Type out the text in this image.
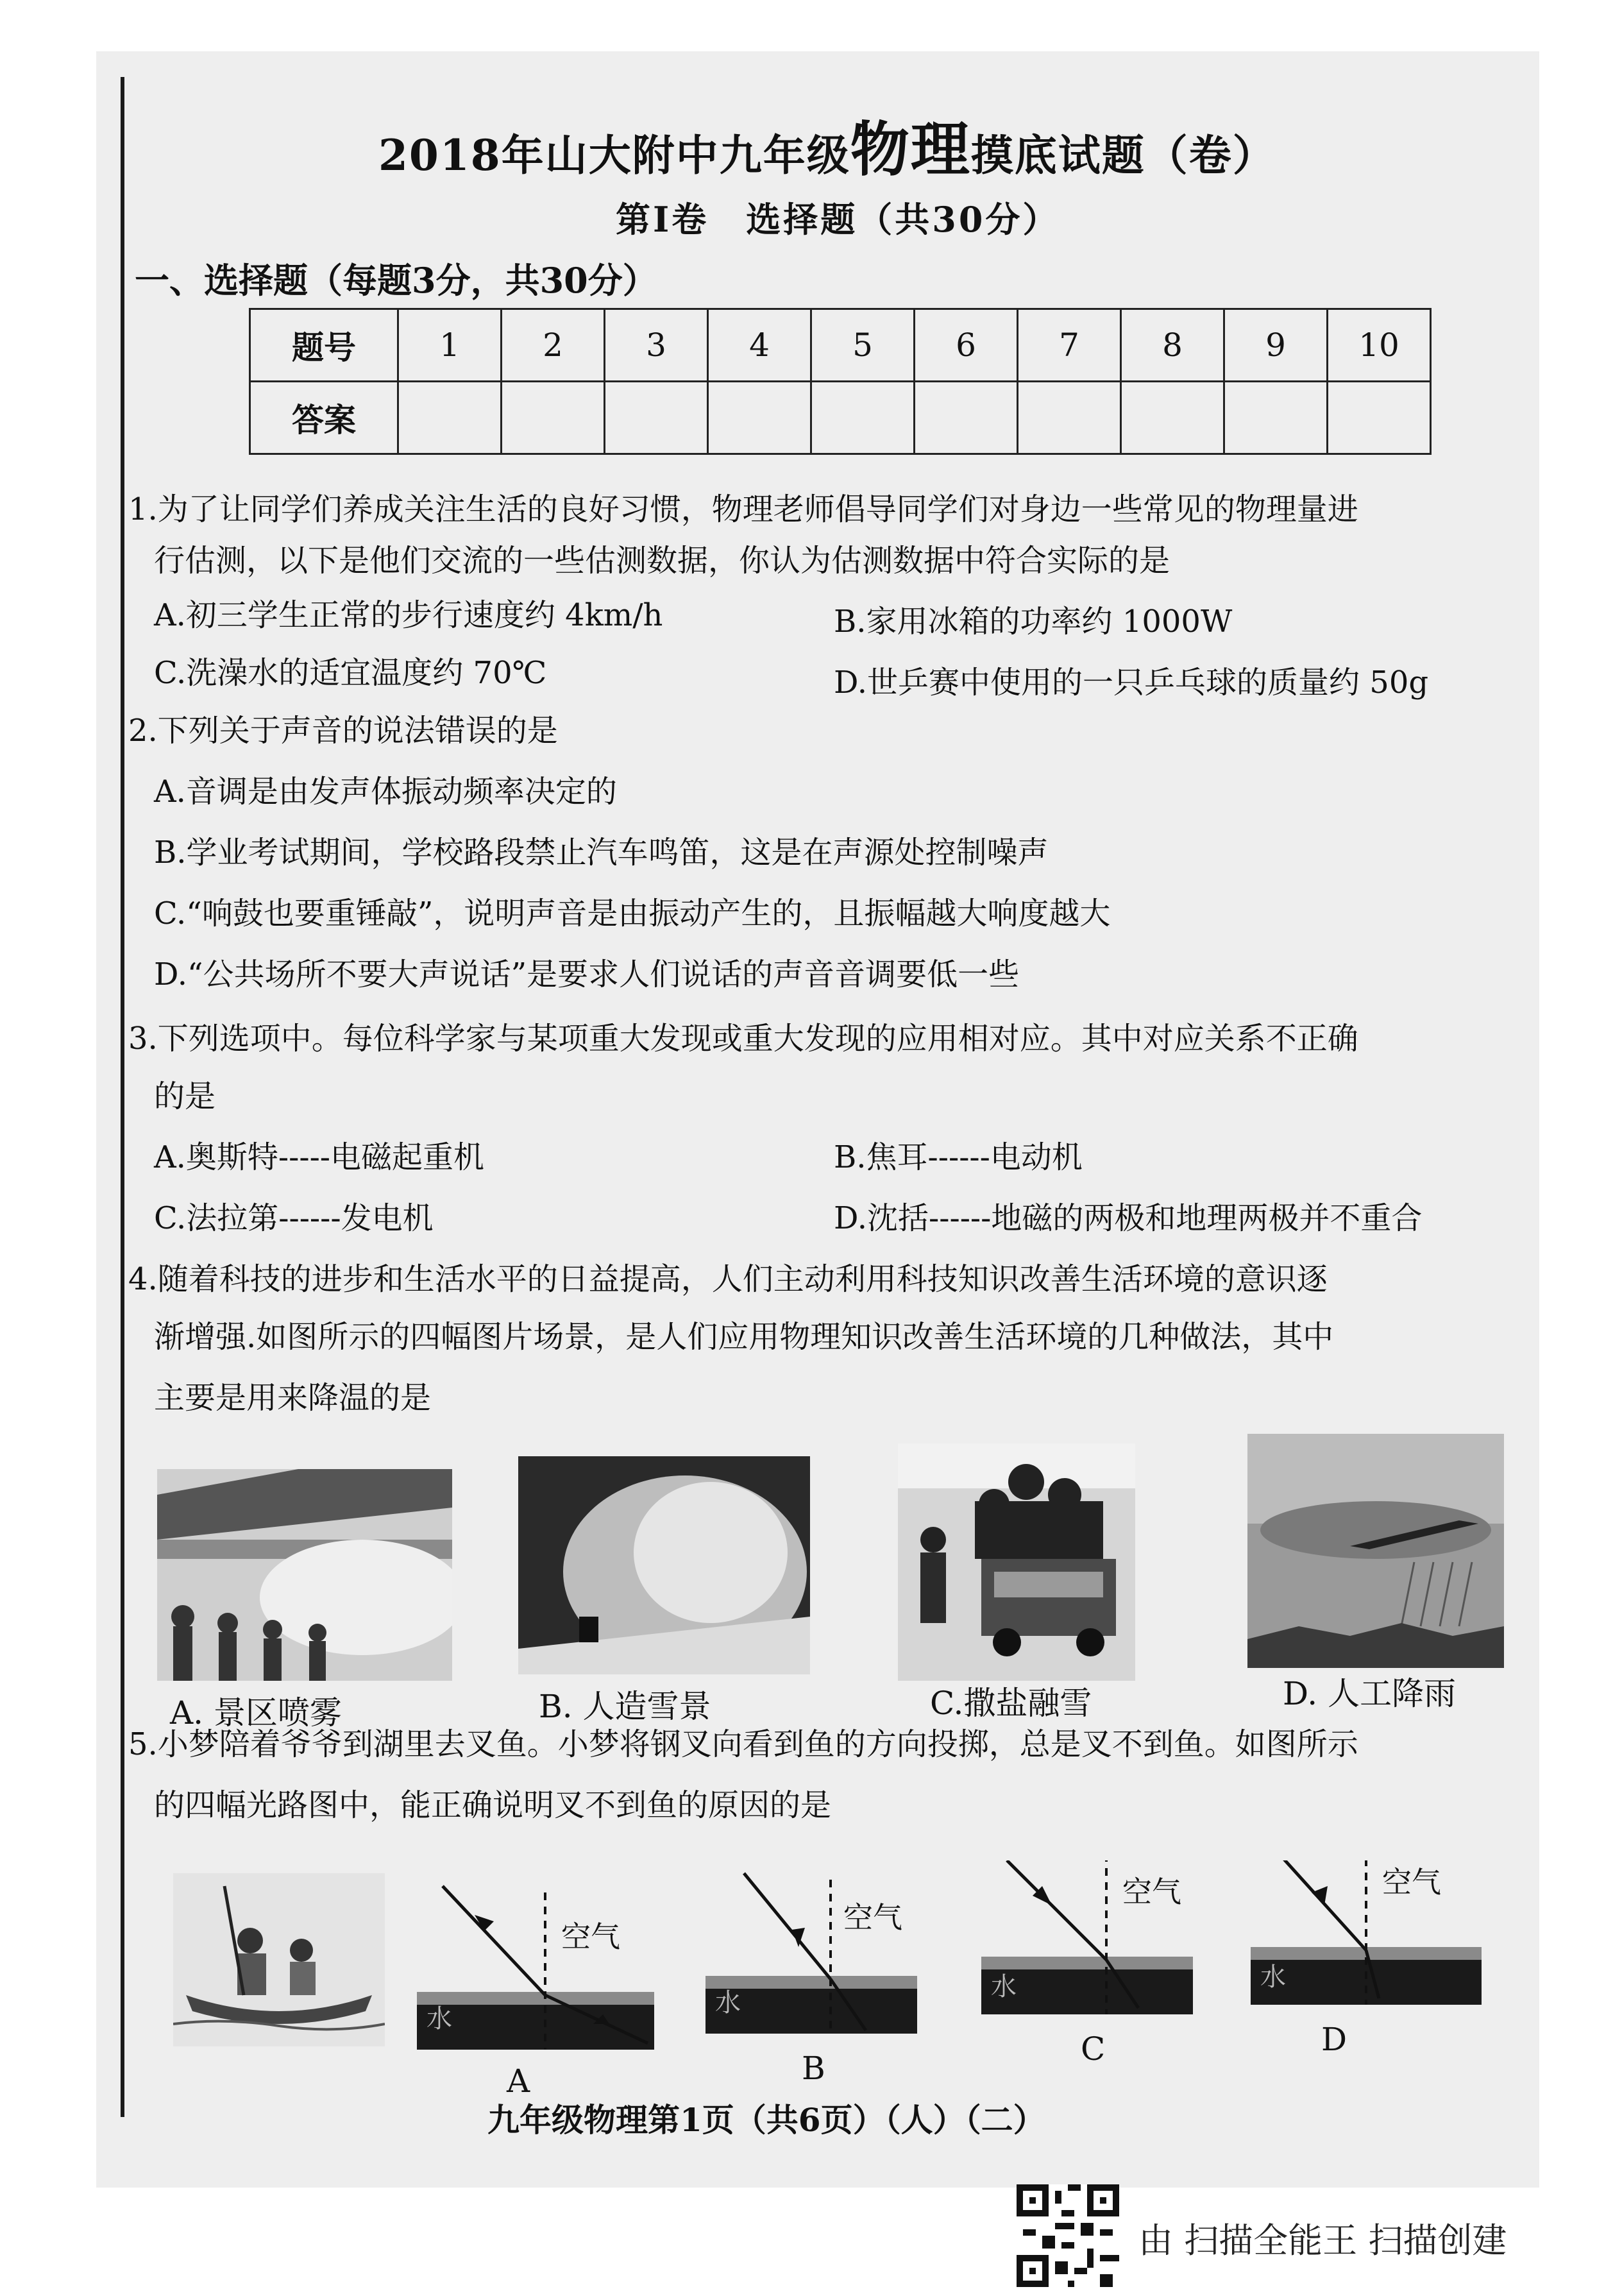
2018年山大附中九年级物理摸底试题（卷）
第Ⅰ卷　选择题（共30分）
一、选择题（每题3分，共30分）
题号	1	2	3	4	5	6	7	8	9	10
答案										
1.为了让同学们养成关注生活的良好习惯，物理老师倡导同学们对身边一些常见的物理量进
行估测，以下是他们交流的一些估测数据，你认为估测数据中符合实际的是
A.初三学生正常的步行速度约 4km/h	B.家用冰箱的功率约 1000W
C.洗澡水的适宜温度约 70℃	D.世乒赛中使用的一只乒乓球的质量约 50g
2.下列关于声音的说法错误的是
A.音调是由发声体振动频率决定的
B.学业考试期间，学校路段禁止汽车鸣笛，这是在声源处控制噪声
C.“响鼓也要重锤敲”，说明声音是由振动产生的，且振幅越大响度越大
D.“公共场所不要大声说话”是要求人们说话的声音音调要低一些
3.下列选项中。每位科学家与某项重大发现或重大发现的应用相对应。其中对应关系不正确
的是
A.奥斯特-----电磁起重机	B.焦耳------电动机
C.法拉第------发电机	D.沈括------地磁的两极和地理两极并不重合
4.随着科技的进步和生活水平的日益提高，人们主动利用科技知识改善生活环境的意识逐
渐增强.如图所示的四幅图片场景，是人们应用物理知识改善生活环境的几种做法，其中
主要是用来降温的是
A. 景区喷雾	B. 人造雪景	C.撒盐融雪	D. 人工降雨
5.小梦陪着爷爷到湖里去叉鱼。小梦将钢叉向看到鱼的方向投掷，总是叉不到鱼。如图所示
的四幅光路图中，能正确说明叉不到鱼的原因的是
空气
水
空气
水
空气
水
空气
水
A	B
C	D
九年级物理第1页（共6页）（人）（二）
由 扫描全能王 扫描创建
